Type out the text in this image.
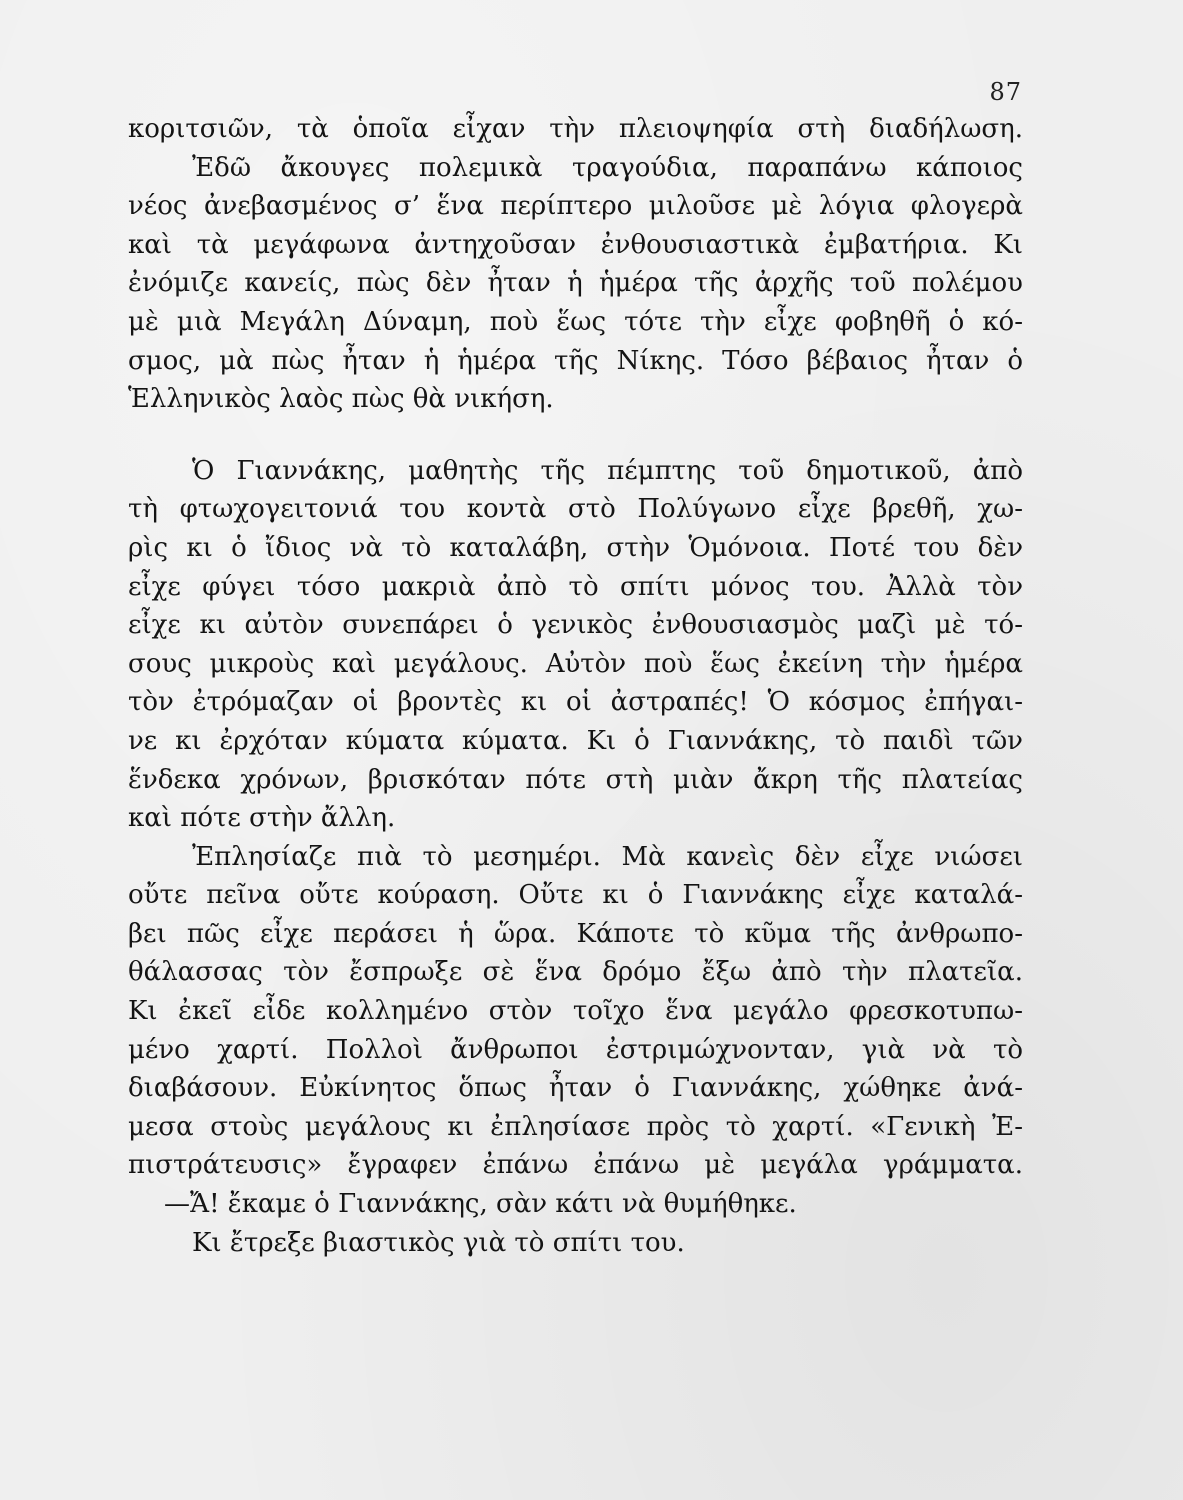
87
κοριτσιῶν, τὰ ὁποῖα εἶχαν τὴν πλειοψηφία στὴ διαδήλωση.
Ἐδῶ ἄκουγες πολεμικὰ τραγούδια, παραπάνω κάποιος
νέος ἀνεβασμένος σ’ ἕνα περίπτερο μιλοῦσε μὲ λόγια φλογερὰ
καὶ τὰ μεγάφωνα ἀντηχοῦσαν ἐνθουσιαστικὰ ἐμβατήρια. Κι
ἐνόμιζε κανείς, πὼς δὲν ἦταν ἡ ἡμέρα τῆς ἀρχῆς τοῦ πολέμου
μὲ μιὰ Μεγάλη Δύναμη, ποὺ ἕως τότε τὴν εἶχε φοβηθῆ ὁ κό-
σμος, μὰ πὼς ἦταν ἡ ἡμέρα τῆς Νίκης. Τόσο βέβαιος ἦταν ὁ
Ἑλληνικὸς λαὸς πὼς θὰ νικήση.
Ὁ Γιαννάκης, μαθητὴς τῆς πέμπτης τοῦ δημοτικοῦ, ἀπὸ
τὴ φτωχογειτονιά του κοντὰ στὸ Πολύγωνο εἶχε βρεθῆ, χω-
ρὶς κι ὁ ἴδιος νὰ τὸ καταλάβη, στὴν Ὁμόνοια. Ποτέ του δὲν
εἶχε φύγει τόσο μακριὰ ἀπὸ τὸ σπίτι μόνος του. Ἀλλὰ τὸν
εἶχε κι αὐτὸν συνεπάρει ὁ γενικὸς ἐνθουσιασμὸς μαζὶ μὲ τό-
σους μικροὺς καὶ μεγάλους. Αὐτὸν ποὺ ἕως ἐκείνη τὴν ἡμέρα
τὸν ἐτρόμαζαν οἱ βροντὲς κι οἱ ἀστραπές! Ὁ κόσμος ἐπήγαι-
νε κι ἐρχόταν κύματα κύματα. Κι ὁ Γιαννάκης, τὸ παιδὶ τῶν
ἕνδεκα χρόνων, βρισκόταν πότε στὴ μιὰν ἄκρη τῆς πλατείας
καὶ πότε στὴν ἄλλη.
Ἐπλησίαζε πιὰ τὸ μεσημέρι. Μὰ κανεὶς δὲν εἶχε νιώσει
οὔτε πεῖνα οὔτε κούραση. Οὔτε κι ὁ Γιαννάκης εἶχε καταλά-
βει πῶς εἶχε περάσει ἡ ὥρα. Κάποτε τὸ κῦμα τῆς ἀνθρωπο-
θάλασσας τὸν ἔσπρωξε σὲ ἕνα δρόμο ἔξω ἀπὸ τὴν πλατεῖα.
Κι ἐκεῖ εἶδε κολλημένο στὸν τοῖχο ἕνα μεγάλο φρεσκοτυπω-
μένο χαρτί. Πολλοὶ ἄνθρωποι ἐστριμώχνονταν, γιὰ νὰ τὸ
διαβάσουν. Εὐκίνητος ὅπως ἦταν ὁ Γιαννάκης, χώθηκε ἀνά-
μεσα στοὺς μεγάλους κι ἐπλησίασε πρὸς τὸ χαρτί. «Γενικὴ Ἐ-
πιστράτευσις» ἔγραφεν ἐπάνω ἐπάνω μὲ μεγάλα γράμματα.
—Ἄ! ἔκαμε ὁ Γιαννάκης, σὰν κάτι νὰ θυμήθηκε.
Κι ἔτρεξε βιαστικὸς γιὰ τὸ σπίτι του.
